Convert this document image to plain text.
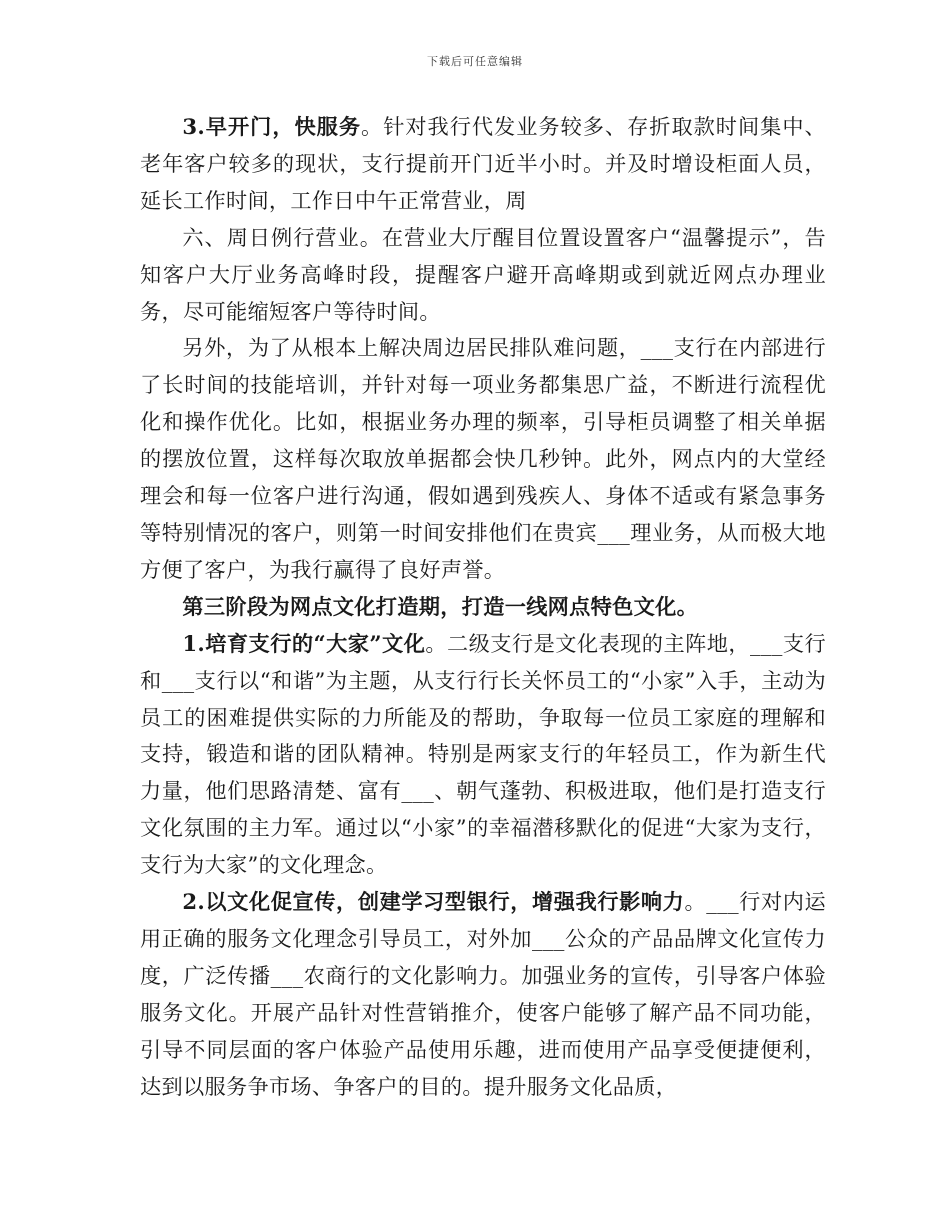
下载后可任意编辑

3.早开门，快服务。针对我行代发业务较多、存折取款时间集中、老年客户较多的现状，支行提前开门近半小时。并及时增设柜面人员，延长工作时间，工作日中午正常营业，周

六、周日例行营业。在营业大厅醒目位置设置客户“温馨提示”，告知客户大厅业务高峰时段，提醒客户避开高峰期或到就近网点办理业务，尽可能缩短客户等待时间。

另外，为了从根本上解决周边居民排队难问题，___支行在内部进行了长时间的技能培训，并针对每一项业务都集思广益，不断进行流程优化和操作优化。比如，根据业务办理的频率，引导柜员调整了相关单据的摆放位置，这样每次取放单据都会快几秒钟。此外，网点内的大堂经理会和每一位客户进行沟通，假如遇到残疾人、身体不适或有紧急事务等特别情况的客户，则第一时间安排他们在贵宾___理业务，从而极大地方便了客户，为我行赢得了良好声誉。

第三阶段为网点文化打造期，打造一线网点特色文化。

1.培育支行的“大家”文化。二级支行是文化表现的主阵地，___支行和___支行以“和谐”为主题，从支行行长关怀员工的“小家”入手，主动为员工的困难提供实际的力所能及的帮助，争取每一位员工家庭的理解和支持，锻造和谐的团队精神。特别是两家支行的年轻员工，作为新生代力量，他们思路清楚、富有___、朝气蓬勃、积极进取，他们是打造支行文化氛围的主力军。通过以“小家”的幸福潜移默化的促进“大家为支行，支行为大家”的文化理念。

2.以文化促宣传，创建学习型银行，增强我行影响力。___行对内运用正确的服务文化理念引导员工，对外加___公众的产品品牌文化宣传力度，广泛传播___农商行的文化影响力。加强业务的宣传，引导客户体验服务文化。开展产品针对性营销推介，使客户能够了解产品不同功能，引导不同层面的客户体验产品使用乐趣，进而使用产品享受便捷便利，达到以服务争市场、争客户的目的。提升服务文化品质，
